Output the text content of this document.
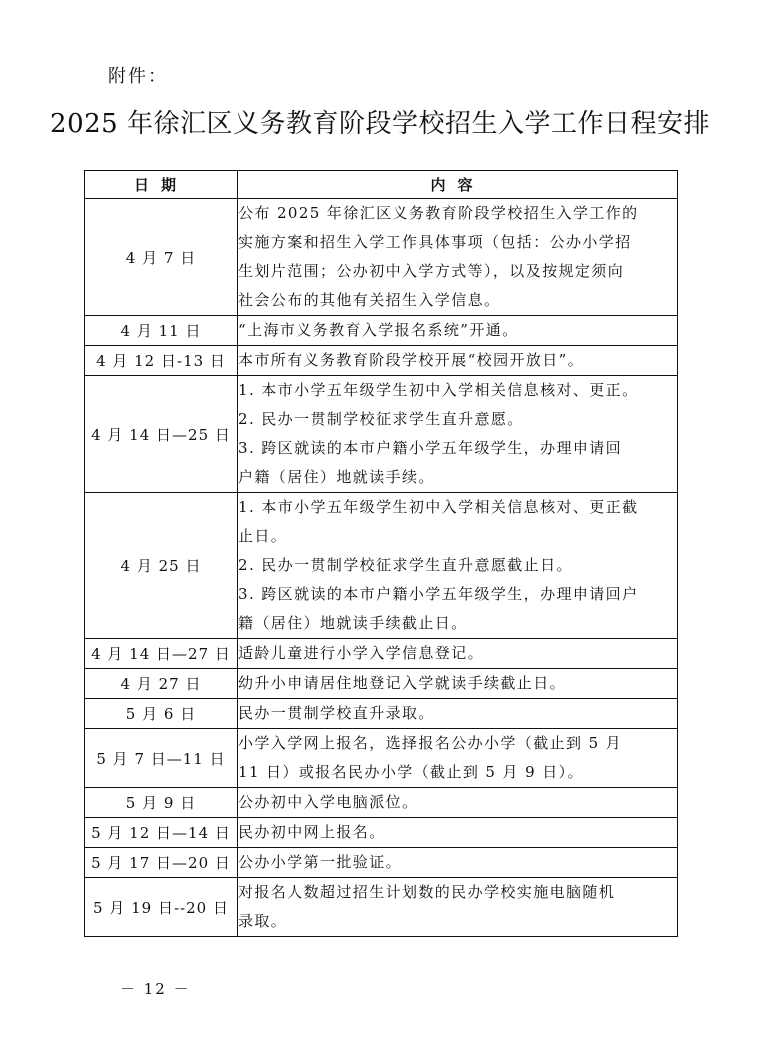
附件：
2025 年徐汇区义务教育阶段学校招生入学工作日程安排
日期	内容
4 月 7 日	公布 2025 年徐汇区义务教育阶段学校招生入学工作的
实施方案和招生入学工作具体事项（包括：公办小学招
生划片范围；公办初中入学方式等），以及按规定须向
社会公布的其他有关招生入学信息。

4 月 11 日	“上海市义务教育入学报名系统”开通。

4 月 12 日-13 日	本市所有义务教育阶段学校开展“校园开放日”。

4 月 14 日—25 日	1. 本市小学五年级学生初中入学相关信息核对、更正。
2. 民办一贯制学校征求学生直升意愿。
3. 跨区就读的本市户籍小学五年级学生，办理申请回
户籍（居住）地就读手续。

4 月 25 日	1. 本市小学五年级学生初中入学相关信息核对、更正截
止日。
2. 民办一贯制学校征求学生直升意愿截止日。
3. 跨区就读的本市户籍小学五年级学生，办理申请回户
籍（居住）地就读手续截止日。

4 月 14 日—27 日	适龄儿童进行小学入学信息登记。

4 月 27 日	幼升小申请居住地登记入学就读手续截止日。

5 月 6 日	民办一贯制学校直升录取。

5 月 7 日—11 日	小学入学网上报名，选择报名公办小学（截止到 5 月
11 日）或报名民办小学（截止到 5 月 9 日）。

5 月 9 日	公办初中入学电脑派位。

5 月 12 日—14 日	民办初中网上报名。

5 月 17 日—20 日	公办小学第一批验证。

5 月 19 日--20 日	对报名人数超过招生计划数的民办学校实施电脑随机
录取。
－ 12 －
